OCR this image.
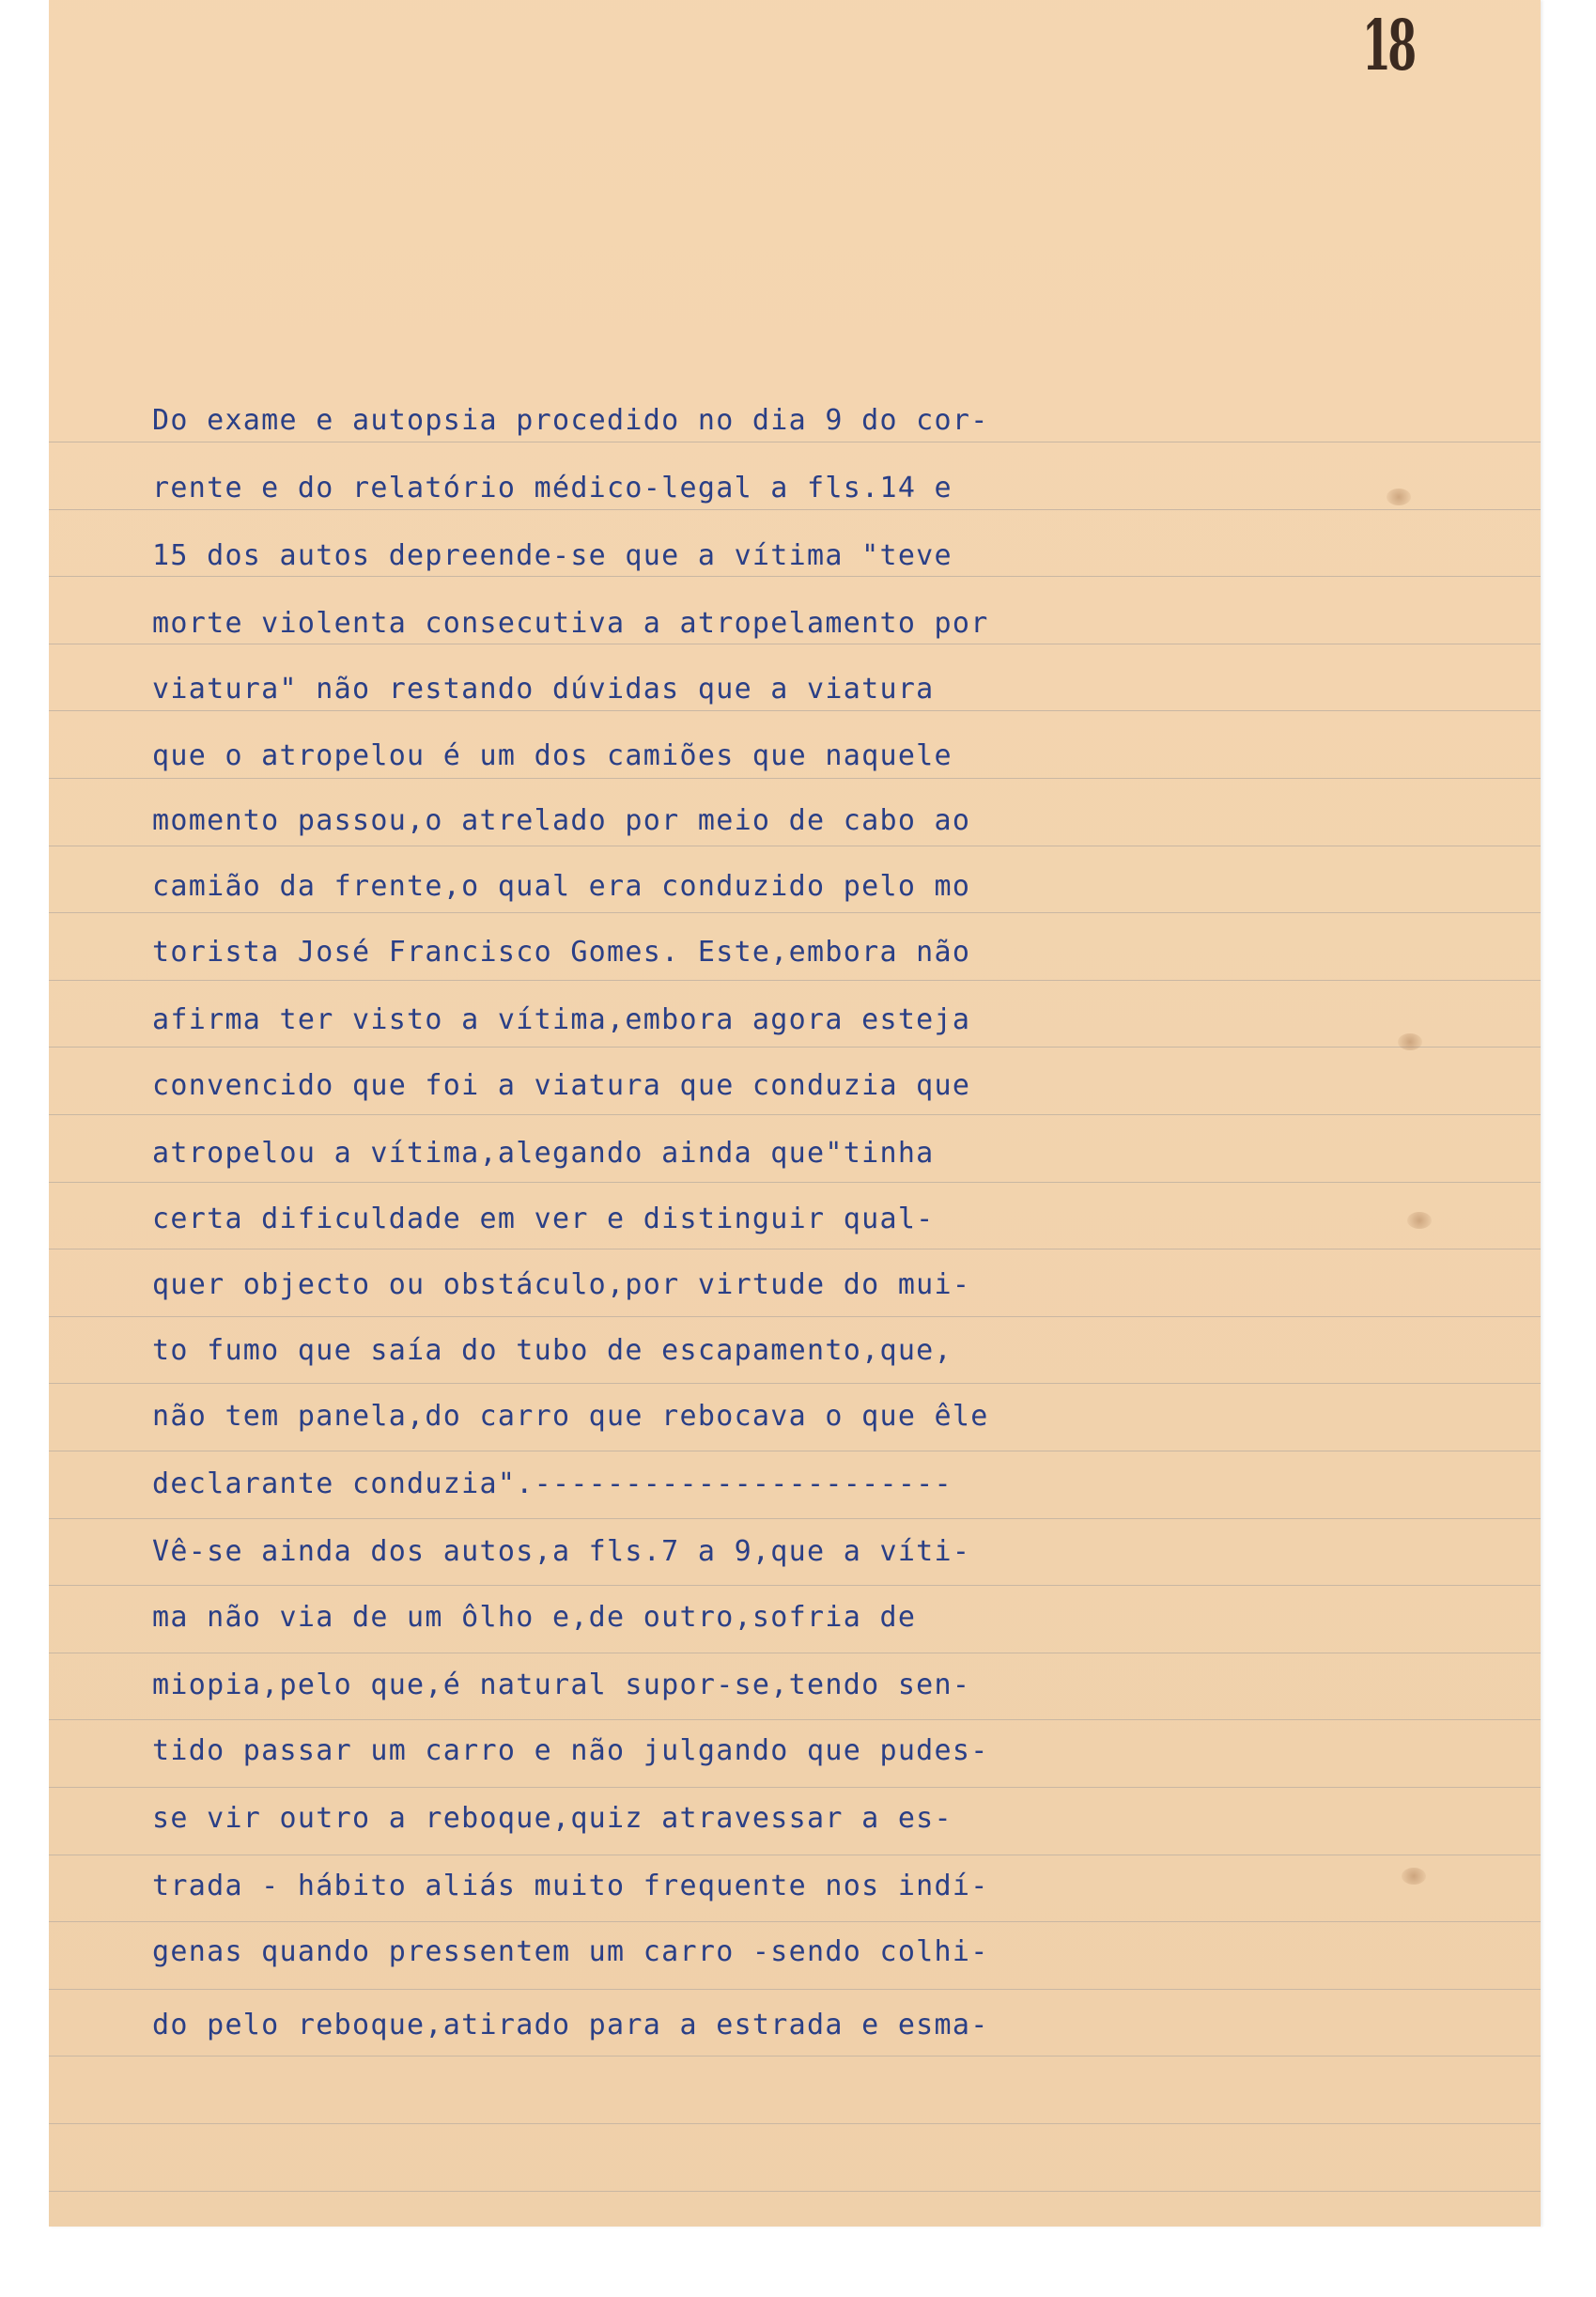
18
Do exame e autopsia procedido no dia 9 do cor-
rente e do relatório médico-legal a fls.14 e
15 dos autos depreende-se que a vítima "teve
morte violenta consecutiva a atropelamento por
viatura" não restando dúvidas que a viatura
que o atropelou é um dos camiões que naquele
momento passou,o atrelado por meio de cabo ao
camião da frente,o qual era conduzido pelo mo
torista José Francisco Gomes. Este,embora não
afirma ter visto a vítima,embora agora esteja
convencido que foi a viatura que conduzia que
atropelou a vítima,alegando ainda que"tinha
certa dificuldade em ver e distinguir qual-
quer objecto ou obstáculo,por virtude do mui-
to fumo que saía do tubo de escapamento,que,
não tem panela,do carro que rebocava o que êle
declarante conduzia".-----------------------
Vê-se ainda dos autos,a fls.7 a 9,que a víti-
ma não via de um ôlho e,de outro,sofria de
miopia,pelo que,é natural supor-se,tendo sen-
tido passar um carro e não julgando que pudes-
se vir outro a reboque,quiz atravessar a es-
trada - hábito aliás muito frequente nos indí-
genas quando pressentem um carro -sendo colhi-
do pelo reboque,atirado para a estrada e esma-
